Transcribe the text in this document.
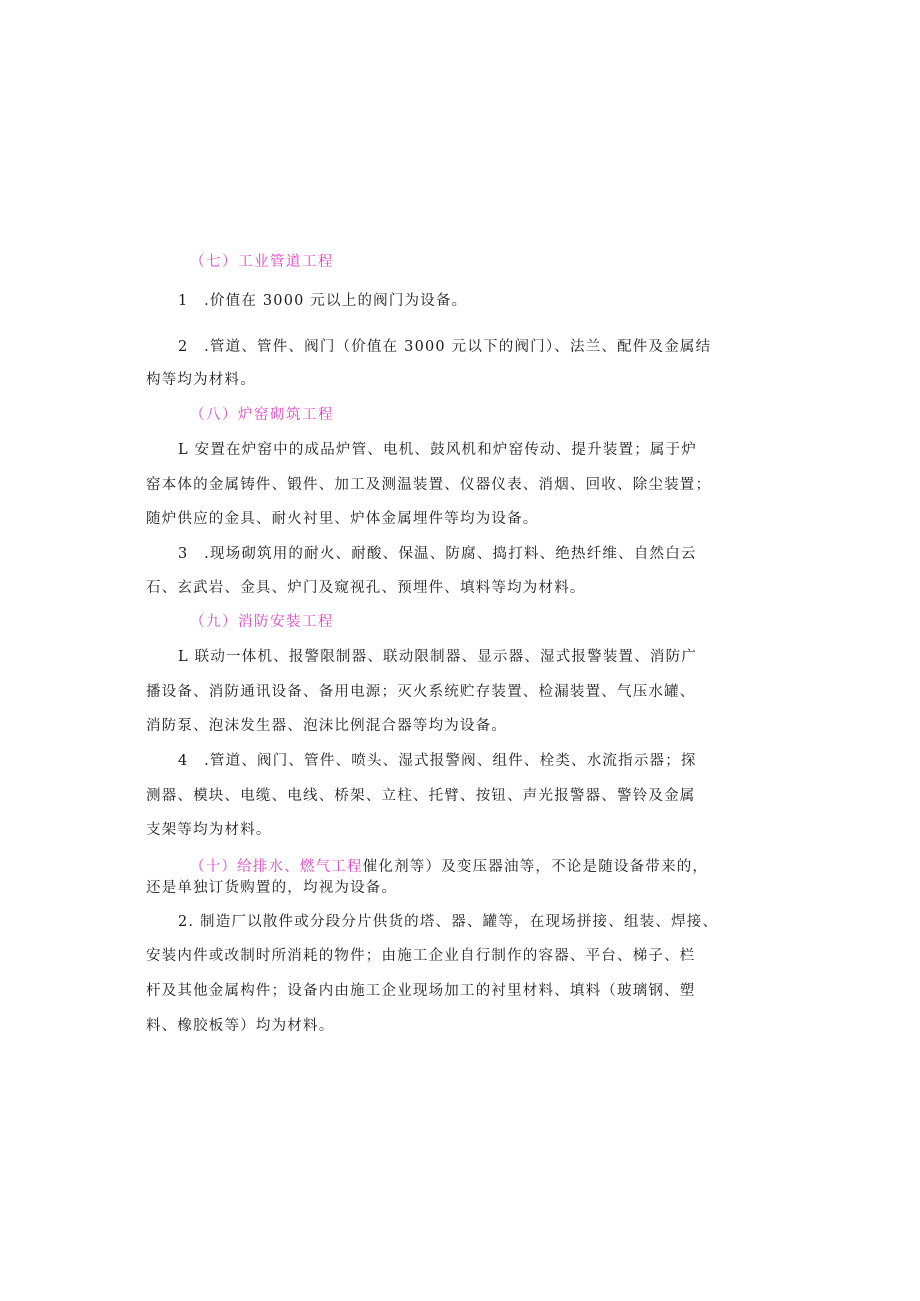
（七）工业管道工程
1　.价值在 3000 元以上的阀门为设备。
2　.管道、管件、阀门（价值在 3000 元以下的阀门）、法兰、配件及金属结
构等均为材料。
（八）炉窑砌筑工程
L 安置在炉窑中的成品炉管、电机、鼓风机和炉窑传动、提升装置；属于炉
窑本体的金属铸件、锻件、加工及测温装置、仪器仪表、消烟、回收、除尘装置；
随炉供应的金具、耐火衬里、炉体金属埋件等均为设备。
3　.现场砌筑用的耐火、耐酸、保温、防腐、捣打料、绝热纤维、自然白云
石、玄武岩、金具、炉门及窥视孔、预埋件、填料等均为材料。
（九）消防安装工程
L 联动一体机、报警限制器、联动限制器、显示器、湿式报警装置、消防广
播设备、消防通讯设备、备用电源；灭火系统贮存装置、检漏装置、气压水罐、
消防泵、泡沫发生器、泡沫比例混合器等均为设备。
4　.管道、阀门、管件、喷头、湿式报警阀、组件、栓类、水流指示器；探
测器、模块、电缆、电线、桥架、立柱、托臂、按钮、声光报警器、警铃及金属
支架等均为材料。
（十）给排水、燃气工程催化剂等）及变压器油等，不论是随设备带来的，
还是单独订货购置的，均视为设备。
2. 制造厂以散件或分段分片供货的塔、器、罐等，在现场拼接、组装、焊接、
安装内件或改制时所消耗的物件；由施工企业自行制作的容器、平台、梯子、栏
杆及其他金属构件；设备内由施工企业现场加工的衬里材料、填料（玻璃钢、塑
料、橡胶板等）均为材料。
